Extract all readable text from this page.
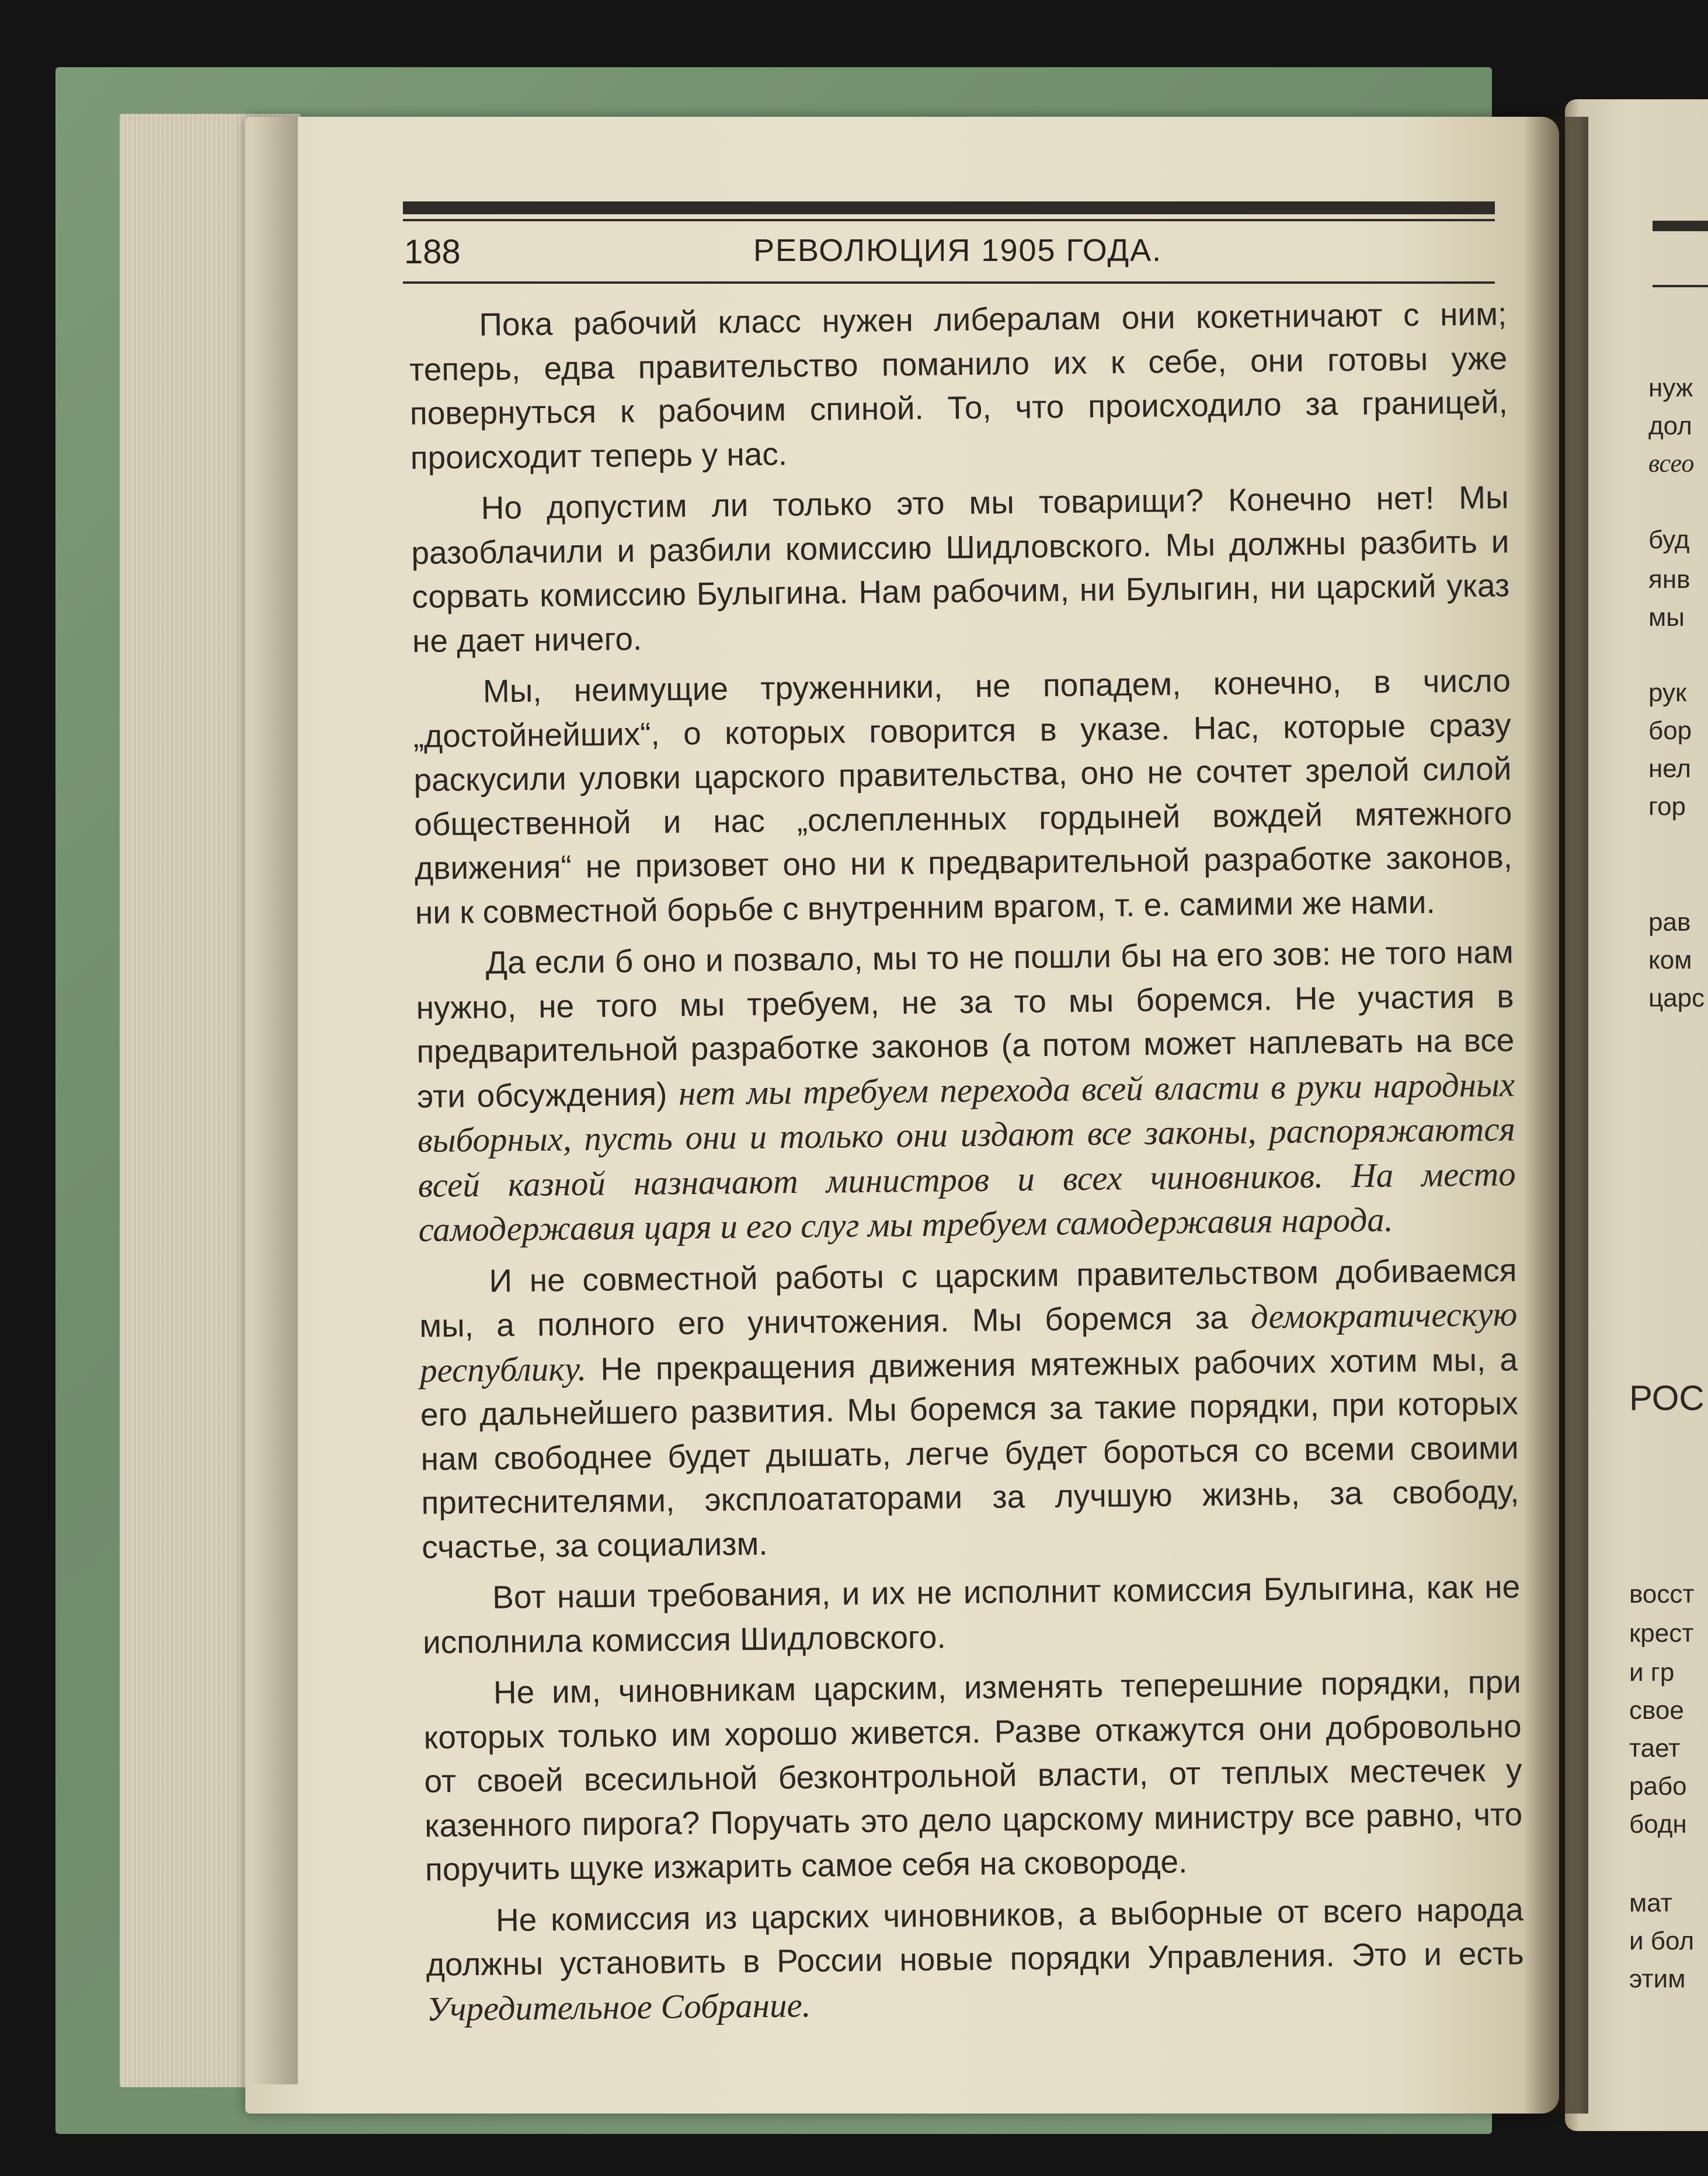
188	РЕВОЛЮЦИЯ 1905 ГОДА.

Пока рабочий класс нужен либералам они кокетничают с ним; теперь, едва правительство поманило их к себе, они готовы уже повернуться к рабочим спиной. То, что происходило за границей, происходит теперь у нас.

Но допустим ли только это мы товарищи? Конечно нет! Мы разоблачили и разбили комиссию Шидловского. Мы должны разбить и сорвать комиссию Булыгина. Нам рабочим, ни Булыгин, ни царский указ не дает ничего.

Мы, неимущие труженники, не попадем, конечно, в число „достойнейших“, о которых говорится в указе. Нас, которые сразу раскусили уловки царского правительства, оно не сочтет зрелой силой общественной и нас „ослепленных гордыней вождей мятежного движения“ не призовет оно ни к предварительной разработке законов, ни к совместной борьбе с внутренним врагом, т. е. самими же нами.

Да если б оно и позвало, мы то не пошли бы на его зов: не того нам нужно, не того мы требуем, не за то мы боремся. Не участия в предварительной разработке законов (а потом может наплевать на все эти обсуждения) нет мы требуем перехода всей власти в руки народных выборных, пусть они и только они издают все законы, распоряжаются всей казной назначают министров и всех чиновников. На место самодержавия царя и его слуг мы требуем самодержавия народа.

И не совместной работы с царским правительством добиваемся мы, а полного его уничтожения. Мы боремся за демократическую республику. Не прекращения движения мятежных рабочих хотим мы, а его дальнейшего развития. Мы боремся за такие порядки, при которых нам свободнее будет дышать, легче будет бороться со всеми своими притеснителями, эксплоататорами за лучшую жизнь, за свободу, счастье, за социализм.

Вот наши требования, и их не исполнит комиссия Булыгина, как не исполнила комиссия Шидловского.

Не им, чиновникам царским, изменять теперешние порядки, при которых только им хорошо живется. Разве откажутся они добровольно от своей всесильной безконтрольной власти, от теплых местечек у казенного пирога? Поручать это дело царскому министру все равно, что поручить щуке изжарить самое себя на сковороде.

Не комиссия из царских чиновников, а выборные от всего народа должны установить в России новые порядки Управления. Это и есть Учредительное Собрание.

нуж
дол
всео
буд
янв
мы
рук
бор
нел
гор
рав
ком
царс
РОС
восст
крест
и гр
свое
тает
рабо
бодн
мат
и бол
этим
